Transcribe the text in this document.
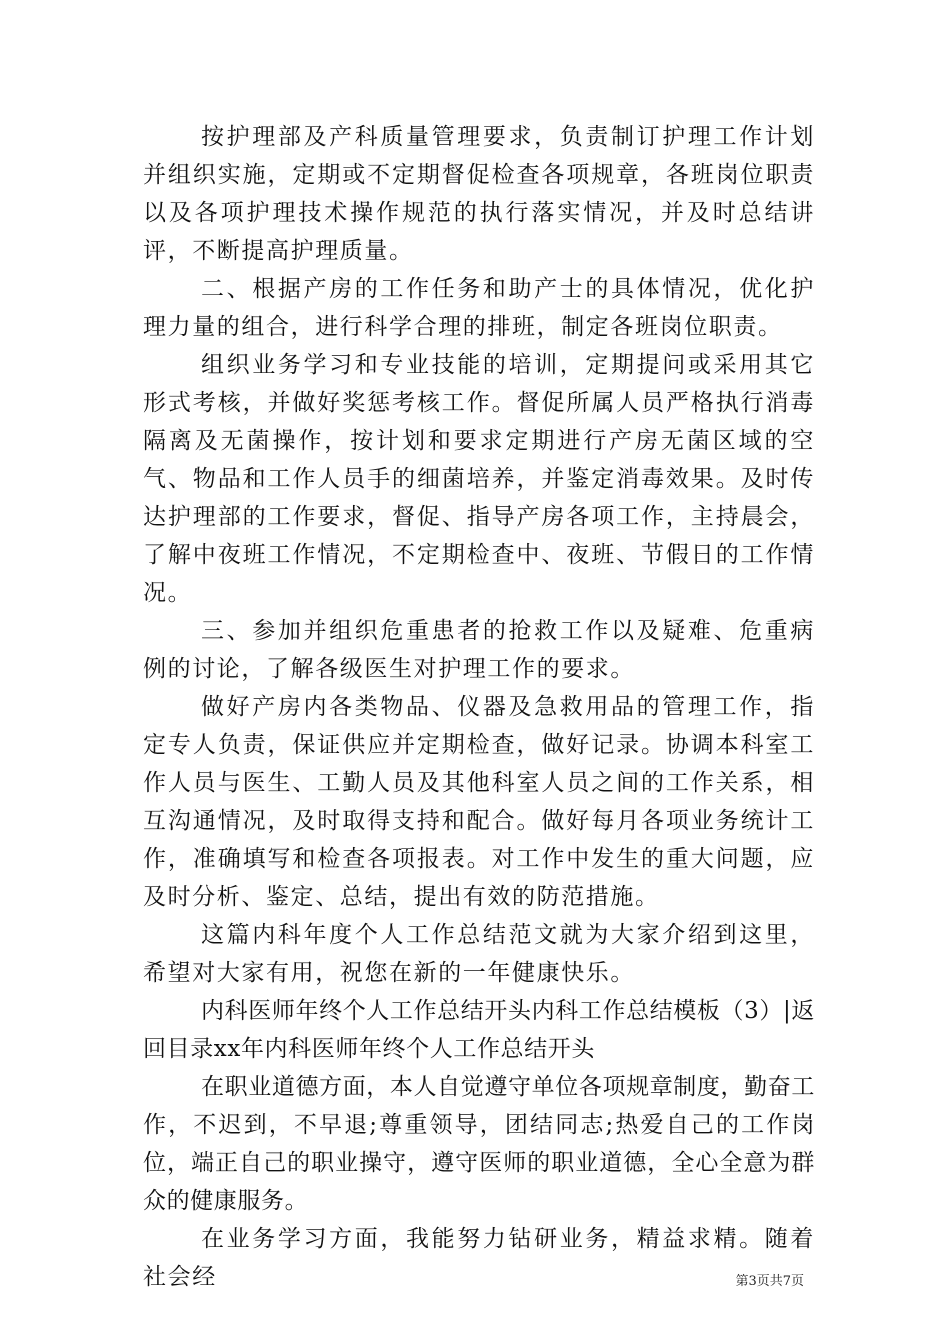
按护理部及产科质量管理要求，负责制订护理工作计划并组织实施，定期或不定期督促检查各项规章，各班岗位职责以及各项护理技术操作规范的执行落实情况，并及时总结讲评，不断提高护理质量。

二、根据产房的工作任务和助产士的具体情况，优化护理力量的组合，进行科学合理的排班，制定各班岗位职责。

组织业务学习和专业技能的培训，定期提问或采用其它形式考核，并做好奖惩考核工作。督促所属人员严格执行消毒隔离及无菌操作，按计划和要求定期进行产房无菌区域的空气、物品和工作人员手的细菌培养，并鉴定消毒效果。及时传达护理部的工作要求，督促、指导产房各项工作，主持晨会，了解中夜班工作情况，不定期检查中、夜班、节假日的工作情况。

三、参加并组织危重患者的抢救工作以及疑难、危重病例的讨论，了解各级医生对护理工作的要求。

做好产房内各类物品、仪器及急救用品的管理工作，指定专人负责，保证供应并定期检查，做好记录。协调本科室工作人员与医生、工勤人员及其他科室人员之间的工作关系，相互沟通情况，及时取得支持和配合。做好每月各项业务统计工作，准确填写和检查各项报表。对工作中发生的重大问题，应及时分析、鉴定、总结，提出有效的防范措施。

这篇内科年度个人工作总结范文就为大家介绍到这里，希望对大家有用，祝您在新的一年健康快乐。

内科医师年终个人工作总结开头内科工作总结模板（3）|返回目录xx年内科医师年终个人工作总结开头

在职业道德方面，本人自觉遵守单位各项规章制度，勤奋工作，不迟到，不早退;尊重领导，团结同志;热爱自己的工作岗位，端正自己的职业操守，遵守医师的职业道德，全心全意为群众的健康服务。

在业务学习方面，我能努力钻研业务，精益求精。随着社会经	第3页共7页
